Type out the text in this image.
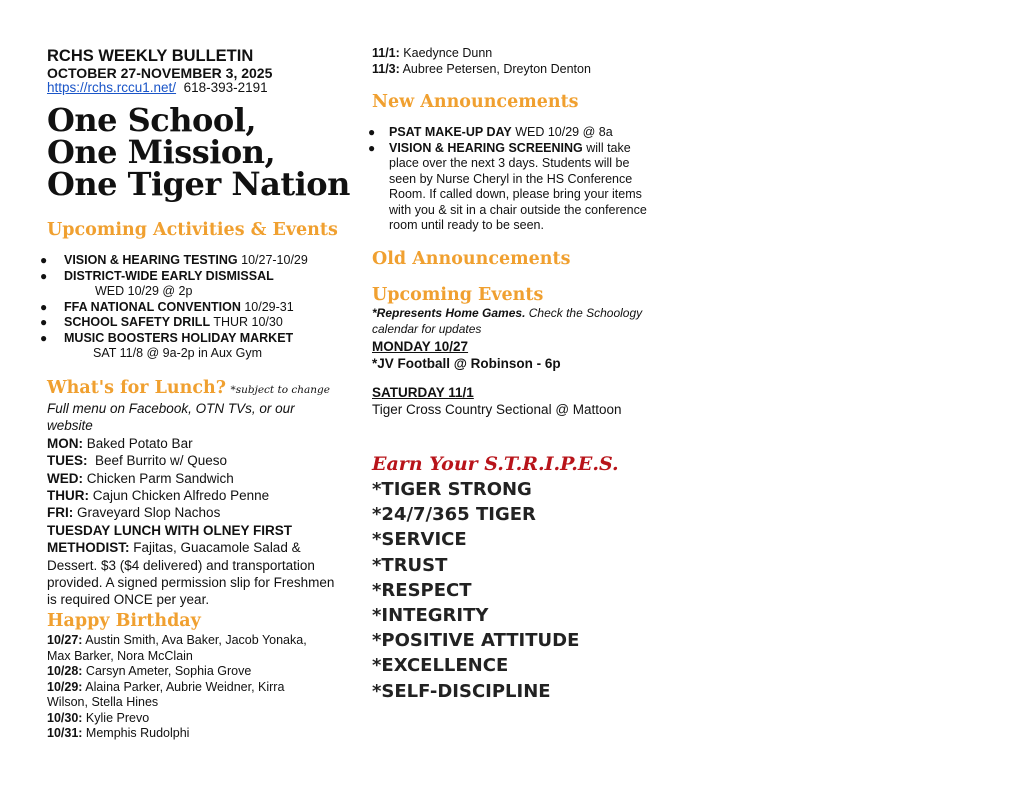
RCHS WEEKLY BULLETIN
OCTOBER 27-NOVEMBER 3, 2025
https://rchs.rccu1.net/ 618-393-2191
One School,
One Mission,
One Tiger Nation
Upcoming Activities & Events
● VISION & HEARING TESTING 10/27-10/29
● DISTRICT-WIDE EARLY DISMISSAL
WED 10/29 @ 2p
● FFA NATIONAL CONVENTION 10/29-31
● SCHOOL SAFETY DRILL THUR 10/30
● MUSIC BOOSTERS HOLIDAY MARKET
SAT 11/8 @ 9a-2p in Aux Gym
What's for Lunch? *subject to change
Full menu on Facebook, OTN TVs, or our website
MON: Baked Potato Bar
TUES:  Beef Burrito w/ Queso
WED: Chicken Parm Sandwich
THUR: Cajun Chicken Alfredo Penne
FRI: Graveyard Slop Nachos
TUESDAY LUNCH WITH OLNEY FIRST
METHODIST: Fajitas, Guacamole Salad & Dessert. $3 ($4 delivered) and transportation provided. A signed permission slip for Freshmen is required ONCE per year.
Happy Birthday
10/27: Austin Smith, Ava Baker, Jacob Yonaka, Max Barker, Nora McClain
10/28: Carsyn Ameter, Sophia Grove
10/29: Alaina Parker, Aubrie Weidner, Kirra Wilson, Stella Hines
10/30: Kylie Prevo
10/31: Memphis Rudolphi
11/1: Kaedynce Dunn
11/3: Aubree Petersen, Dreyton Denton
New Announcements
● PSAT MAKE-UP DAY WED 10/29 @ 8a
● VISION & HEARING SCREENING will take place over the next 3 days. Students will be seen by Nurse Cheryl in the HS Conference Room. If called down, please bring your items with you & sit in a chair outside the conference room until ready to be seen.
Old Announcements
Upcoming Events
*Represents Home Games. Check the Schoology calendar for updates
MONDAY 10/27
*JV Football @ Robinson - 6p
SATURDAY 11/1
Tiger Cross Country Sectional @ Mattoon
Earn Your S.T.R.I.P.E.S.
*TIGER STRONG
*24/7/365 TIGER
*SERVICE
*TRUST
*RESPECT
*INTEGRITY
*POSITIVE ATTITUDE
*EXCELLENCE
*SELF-DISCIPLINE
